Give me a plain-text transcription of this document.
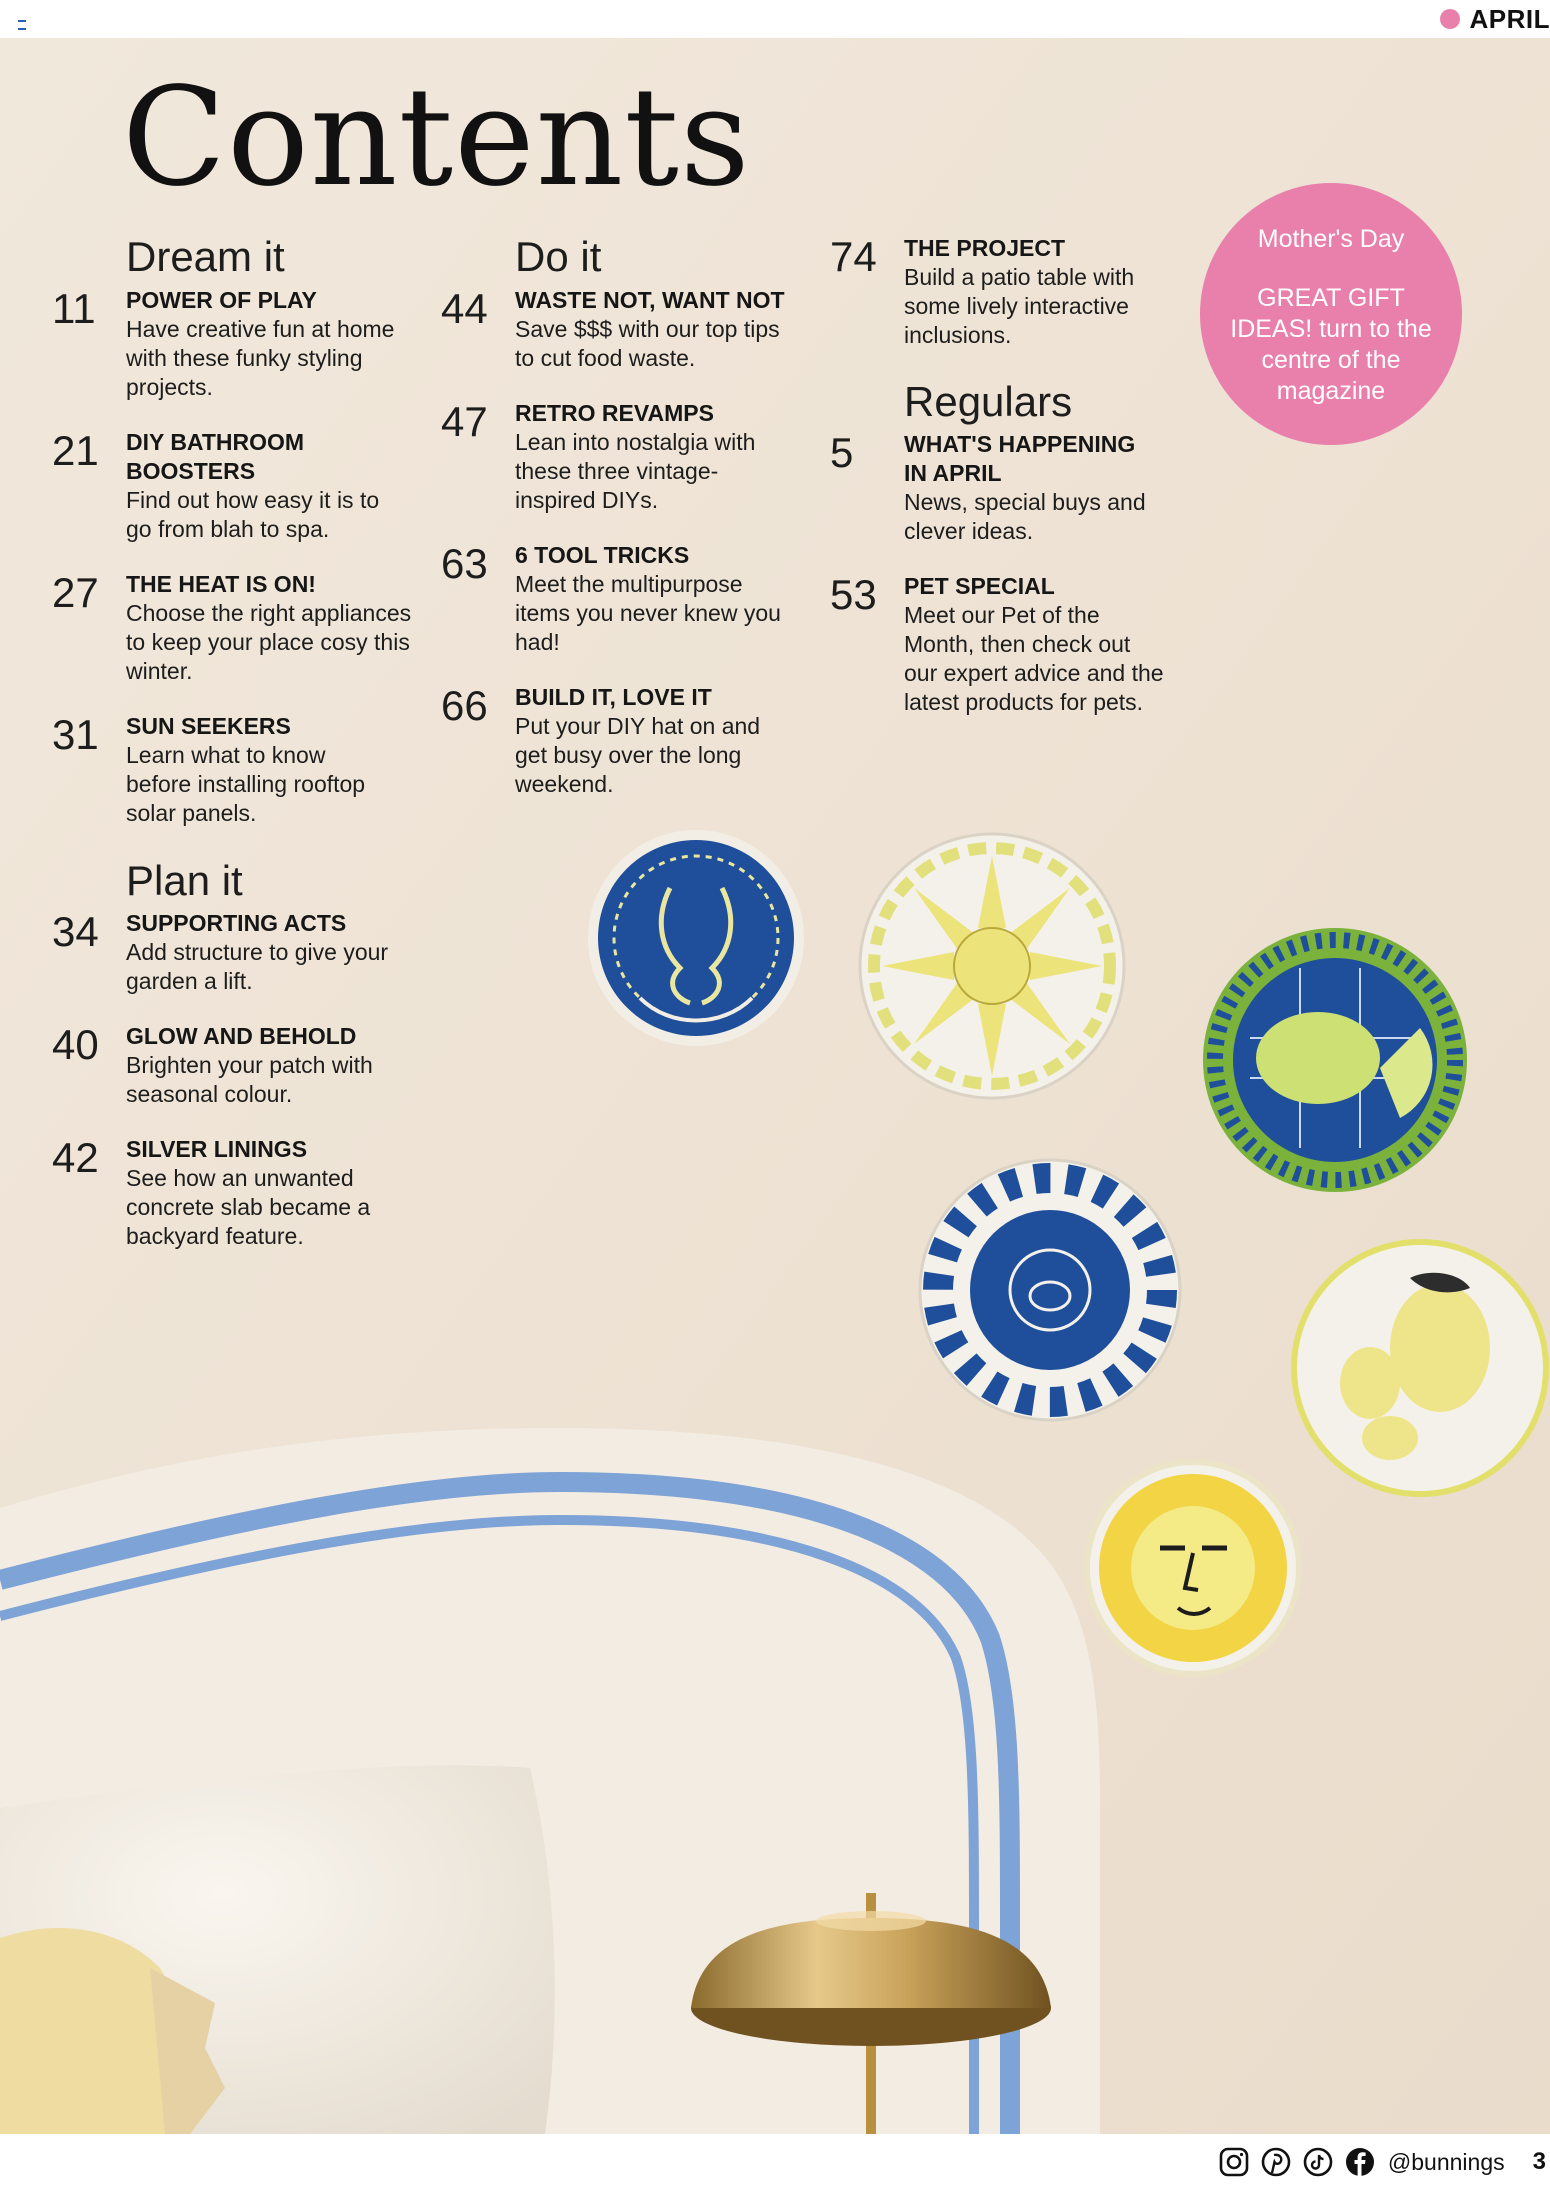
APRIL
Contents
Dream it
11 POWER OF PLAY
Have creative fun at home with these funky styling projects.
21 DIY BATHROOM BOOSTERS
Find out how easy it is to go from blah to spa.
27 THE HEAT IS ON!
Choose the right appliances to keep your place cosy this winter.
31 SUN SEEKERS
Learn what to know before installing rooftop solar panels.
Plan it
34 SUPPORTING ACTS
Add structure to give your garden a lift.
40 GLOW AND BEHOLD
Brighten your patch with seasonal colour.
42 SILVER LININGS
See how an unwanted concrete slab became a backyard feature.
Do it
44 WASTE NOT, WANT NOT
Save $$$ with our top tips to cut food waste.
47 RETRO REVAMPS
Lean into nostalgia with these three vintage-inspired DIYs.
63 6 TOOL TRICKS
Meet the multipurpose items you never knew you had!
66 BUILD IT, LOVE IT
Put your DIY hat on and get busy over the long weekend.
74 THE PROJECT
Build a patio table with some lively interactive inclusions.
Regulars
5 WHAT'S HAPPENING IN APRIL
News, special buys and clever ideas.
53 PET SPECIAL
Meet our Pet of the Month, then check out our expert advice and the latest products for pets.
Mother's Day
GREAT GIFT IDEAS! turn to the centre of the magazine
@bunnings 3
